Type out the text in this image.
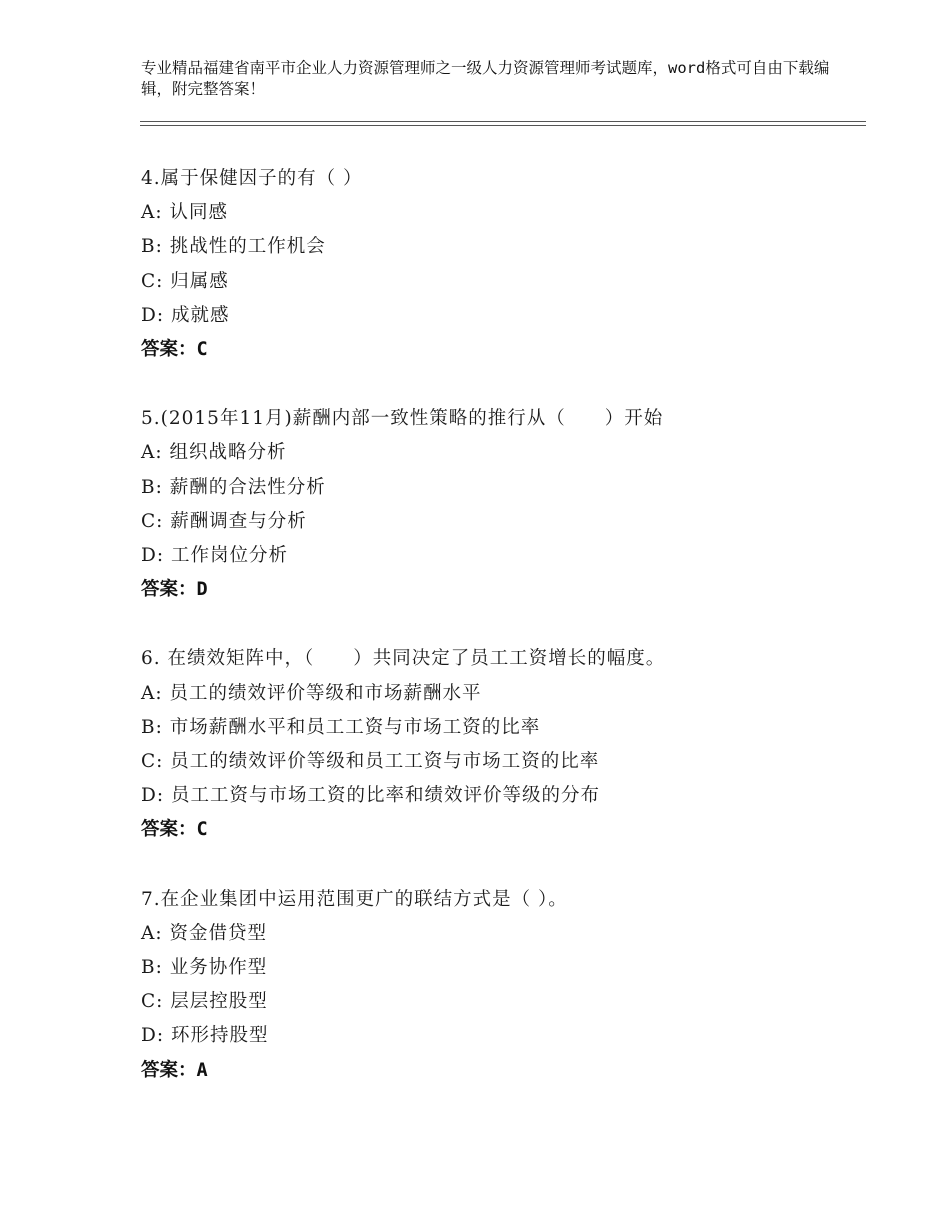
专业精品福建省南平市企业人力资源管理师之一级人力资源管理师考试题库，word格式可自由下载编辑，附完整答案！
4.属于保健因子的有（ ）
A: 认同感
B: 挑战性的工作机会
C: 归属感
D: 成就感
答案：C
5.(2015年11月)薪酬内部一致性策略的推行从（　　）开始
A: 组织战略分析
B: 薪酬的合法性分析
C: 薪酬调查与分析
D: 工作岗位分析
答案：D
6. 在绩效矩阵中，（　　）共同决定了员工工资增长的幅度。
A: 员工的绩效评价等级和市场薪酬水平
B: 市场薪酬水平和员工工资与市场工资的比率
C: 员工的绩效评价等级和员工工资与市场工资的比率
D: 员工工资与市场工资的比率和绩效评价等级的分布
答案：C
7.在企业集团中运用范围更广的联结方式是（ ）。
A: 资金借贷型
B: 业务协作型
C: 层层控股型
D: 环形持股型
答案：A
